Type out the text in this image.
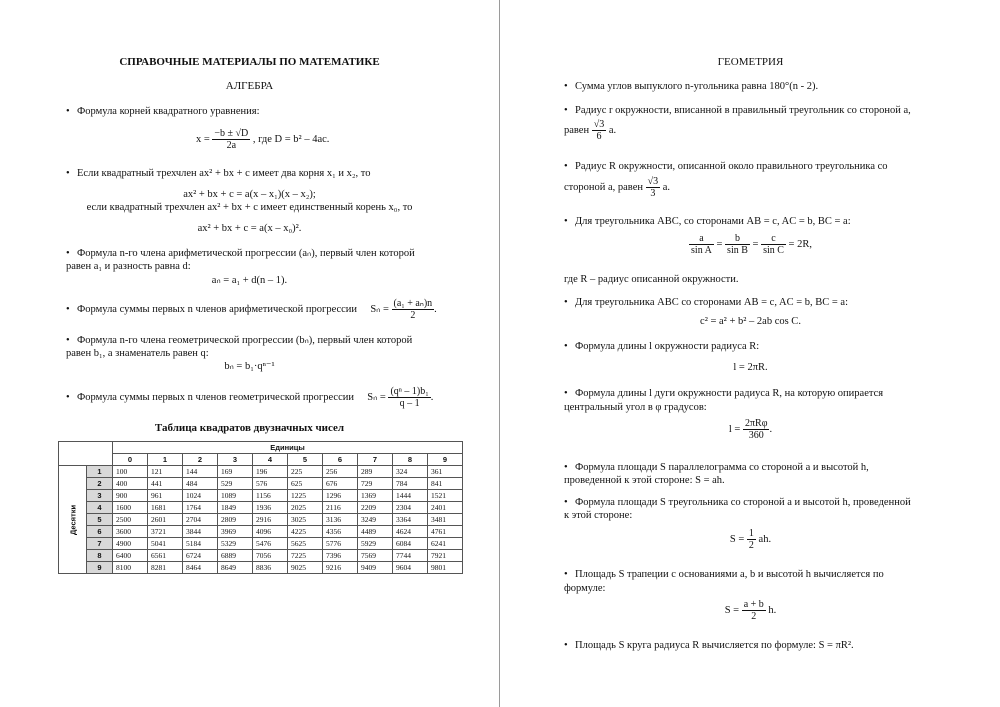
СПРАВОЧНЫЕ МАТЕРИАЛЫ ПО МАТЕМАТИКЕ
АЛГЕБРА
• Формула корней квадратного уравнения:
$x = \frac{-b \pm √D}{2a}$ , где D = b² – 4ac.
• Если квадратный трехчлен ax² + bx + c имеет два корня x₁ и x₂, то
ax² + bx + c = a(x – x₁)(x – x₂);
если квадратный трехчлен ax² + bx + c имеет единственный корень x₀, то
ax² + bx + c = a(x – x₀)².
• Формула n-го члена арифметической прогрессии (aₙ), первый член которой
равен a₁ и разность равна d:
aₙ = a₁ + d(n – 1).
• Формула суммы первых n членов арифметической прогрессии $S_n = \frac{\text{(a₁ + aₙ)n}}{2}$ .
• Формула n-го члена геометрической прогрессии (bₙ), первый член которой
равен b₁, а знаменатель равен q:
bₙ = b₁·qⁿ⁻¹
• Формула суммы первых n членов геометрической прогрессии $S_n = \frac{\text{(qⁿ – 1)b₁}}{q - 1}$ .
Таблица квадратов двузначных чисел
		Единицы									
		0	1	2	3	4	5	6	7	8	9
Десятки	1	100	121	144	169	196	225	256	289	324	361
	2	400	441	484	529	576	625	676	729	784	841
	3	900	961	1024	1089	1156	1225	1296	1369	1444	1521
	4	1600	1681	1764	1849	1936	2025	2116	2209	2304	2401
	5	2500	2601	2704	2809	2916	3025	3136	3249	3364	3481
	6	3600	3721	3844	3969	4096	4225	4356	4489	4624	4761
	7	4900	5041	5184	5329	5476	5625	5776	5929	6084	6241
	8	6400	6561	6724	6889	7056	7225	7396	7569	7744	7921
	9	8100	8281	8464	8649	8836	9025	9216	9409	9604	9801
ГЕОМЕТРИЯ
• Сумма углов выпуклого n-угольника равна 180°(n - 2).
• Радиус r окружности, вписанной в правильный треугольник со стороной a,
равен $\frac{√3}{6} a$.
• Радиус R окружности, описанной около правильного треугольника со
стороной a, равен $\frac{√3}{3} a$.
• Для треугольника ABC, со сторонами AB = c, AC = b, BC = a:
$\frac{a}{\text{sin A}} = \frac{b}{\text{sin B}} = \frac{c}{\text{sin C}} = 2R$,
где R – радиус описанной окружности.
• Для треугольника ABC со сторонами AB = c, AC = b, BC = a:
c² = a² + b² – 2ab cos C.
• Формула длины l окружности радиуса R:
l = 2πR.
• Формула длины l дуги окружности радиуса R, на которую опирается
центральный угол в φ градусов:
$l = \frac{\text{2πRφ}}{360}$ .
• Формула площади S параллелограмма со стороной a и высотой h,
проведенной к этой стороне: S = ah.
• Формула площади S треугольника со стороной a и высотой h, проведенной
к этой стороне:
$S = \frac{1}{2}$ ah.
• Площадь S трапеции с основаниями a, b и высотой h вычисляется по
формуле:
$S = \frac{a + b}{2} h$.
• Площадь S круга радиуса R вычисляется по формуле: S = πR².
